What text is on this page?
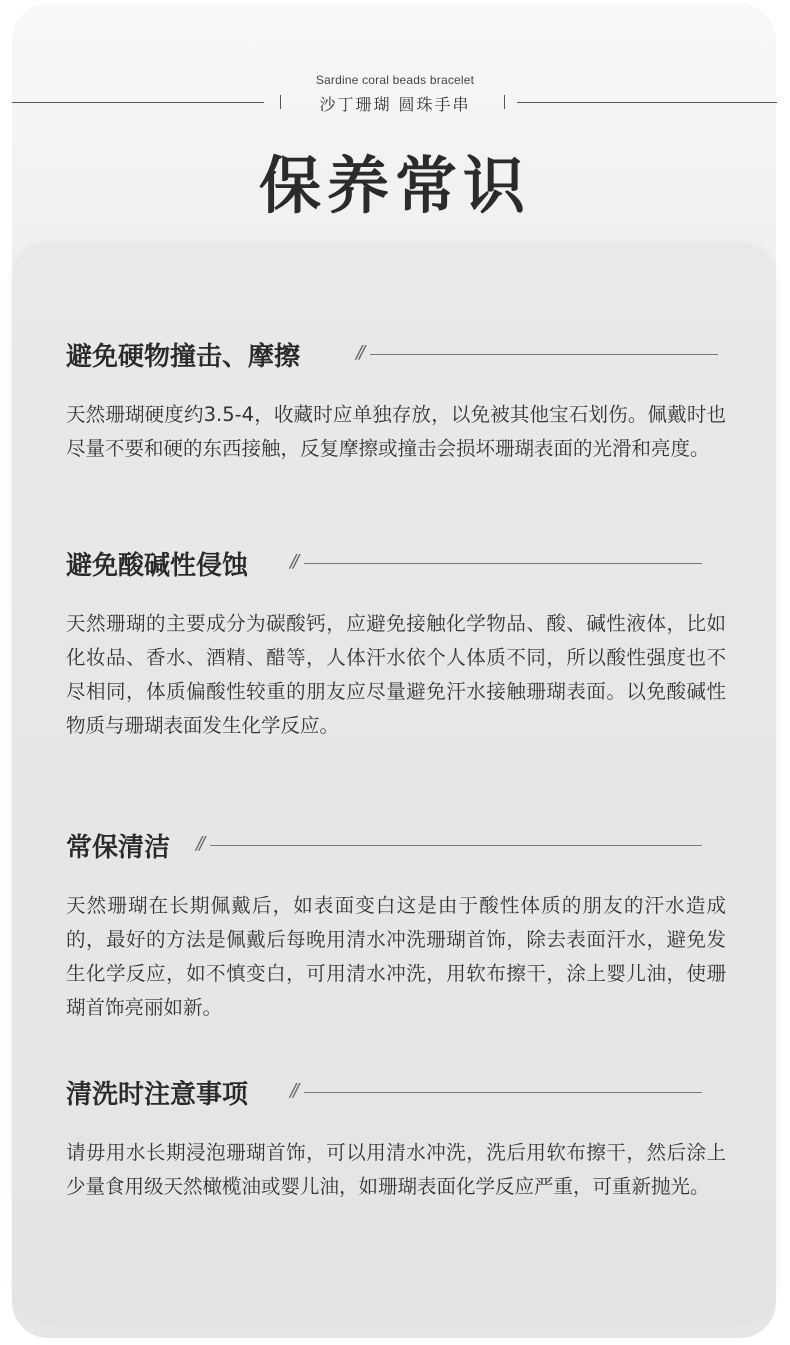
Sardine coral beads bracelet
沙丁珊瑚 圆珠手串
保养常识
避免硬物撞击、摩擦	//
天然珊瑚硬度约3.5-4，收藏时应单独存放，以免被其他宝石划伤。佩戴时也尽量不要和硬的东西接触，反复摩擦或撞击会损坏珊瑚表面的光滑和亮度。
避免酸碱性侵蚀 //
天然珊瑚的主要成分为碳酸钙，应避免接触化学物品、酸、碱性液体，比如化妆品、香水、酒精、醋等，人体汗水依个人体质不同，所以酸性强度也不尽相同，体质偏酸性较重的朋友应尽量避免汗水接触珊瑚表面。以免酸碱性物质与珊瑚表面发生化学反应。
常保清洁 //
天然珊瑚在长期佩戴后，如表面变白这是由于酸性体质的朋友的汗水造成的，最好的方法是佩戴后每晚用清水冲洗珊瑚首饰，除去表面汗水，避免发生化学反应，如不慎变白，可用清水冲洗，用软布擦干，涂上婴儿油，使珊瑚首饰亮丽如新。
清洗时注意事项 //
请毋用水长期浸泡珊瑚首饰，可以用清水冲洗，洗后用软布擦干，然后涂上少量食用级天然橄榄油或婴儿油，如珊瑚表面化学反应严重，可重新抛光。
